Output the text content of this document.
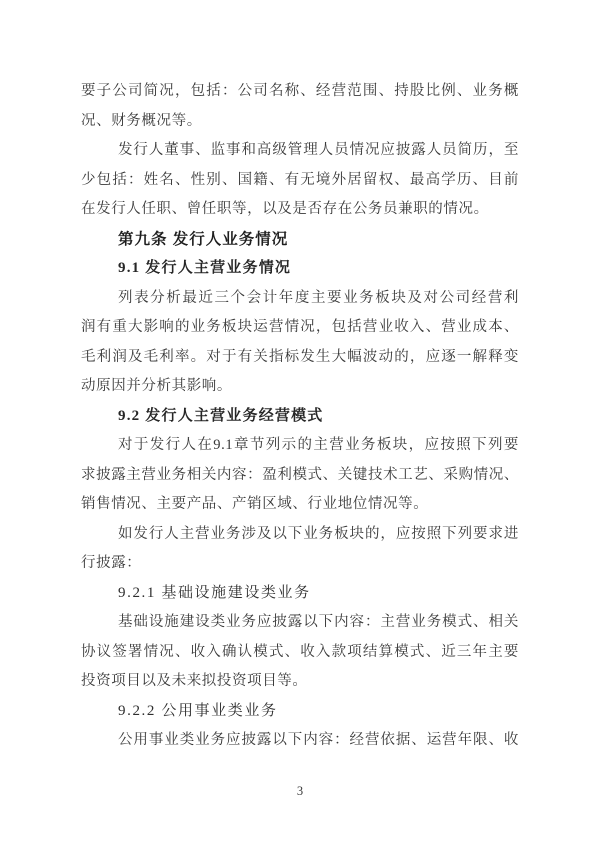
要子公司简况，包括：公司名称、经营范围、持股比例、业务概
况、财务概况等。
发行人董事、监事和高级管理人员情况应披露人员简历，至
少包括：姓名、性别、国籍、有无境外居留权、最高学历、目前
在发行人任职、曾任职等，以及是否存在公务员兼职的情况。
第九条 发行人业务情况
9.1 发行人主营业务情况
列表分析最近三个会计年度主要业务板块及对公司经营利
润有重大影响的业务板块运营情况，包括营业收入、营业成本、
毛利润及毛利率。对于有关指标发生大幅波动的，应逐一解释变
动原因并分析其影响。
9.2 发行人主营业务经营模式
对于发行人在9.1章节列示的主营业务板块，应按照下列要
求披露主营业务相关内容：盈利模式、关键技术工艺、采购情况、
销售情况、主要产品、产销区域、行业地位情况等。
如发行人主营业务涉及以下业务板块的，应按照下列要求进
行披露：
9.2.1 基础设施建设类业务
基础设施建设类业务应披露以下内容：主营业务模式、相关
协议签署情况、收入确认模式、收入款项结算模式、近三年主要
投资项目以及未来拟投资项目等。
9.2.2 公用事业类业务
公用事业类业务应披露以下内容：经营依据、运营年限、收
3
